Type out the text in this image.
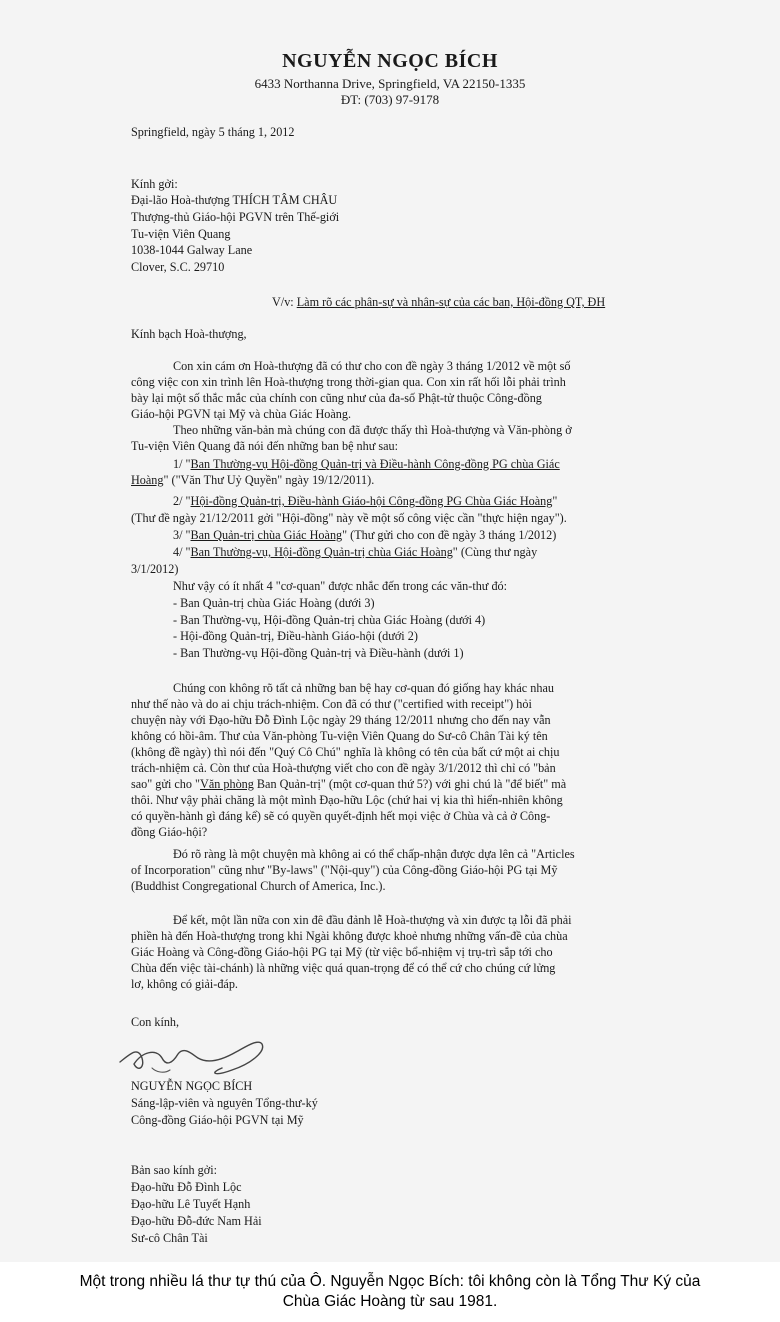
NGUYỄN NGỌC BÍCH
6433 Northanna Drive, Springfield, VA 22150-1335
ĐT: (703) 97-9178
Springfield, ngày 5 tháng 1, 2012
Kính gởi:
Đại-lão Hoà-thượng THÍCH TÂM CHÂU
Thượng-thủ Giáo-hội PGVN trên Thế-giới
Tu-viện Viên Quang
1038-1044 Galway Lane
Clover, S.C. 29710
V/v: Làm rõ các phân-sự và nhân-sự của các ban, Hội-đồng QT, ĐH
Kính bạch Hoà-thượng,
Con xin cám ơn Hoà-thượng đã có thư cho con đề ngày 3 tháng 1/2012 về một số
công việc con xin trình lên Hoà-thượng trong thời-gian qua. Con xin rất hối lỗi phải trình
bày lại một số thắc mắc của chính con cũng như của đa-số Phật-tử thuộc Công-đồng
Giáo-hội PGVN tại Mỹ và chùa Giác Hoàng.
Theo những văn-bản mà chúng con đã được thấy thì Hoà-thượng và Văn-phòng ở
Tu-viện Viên Quang đã nói đến những ban bệ như sau:
1/ "Ban Thường-vụ Hội-đồng Quản-trị và Điều-hành Công-đồng PG chùa Giác
Hoàng" ("Văn Thư Uỷ Quyền" ngày 19/12/2011).
2/ "Hội-đồng Quản-trị, Điều-hành Giáo-hội Công-đồng PG Chùa Giác Hoàng"
(Thư đề ngày 21/12/2011 gởi "Hội-đồng" này về một số công việc cần "thực hiện ngay").
3/ "Ban Quản-trị chùa Giác Hoàng" (Thư gửi cho con đề ngày 3 tháng 1/2012)
4/ "Ban Thường-vụ, Hội-đồng Quản-trị chùa Giác Hoàng" (Cùng thư ngày
3/1/2012)
Như vậy có ít nhất 4 "cơ-quan" được nhắc đến trong các văn-thư đó:
- Ban Quản-trị chùa Giác Hoàng (dưới 3)
- Ban Thường-vụ, Hội-đồng Quản-trị chùa Giác Hoàng (dưới 4)
- Hội-đồng Quản-trị, Điều-hành Giáo-hội (dưới 2)
- Ban Thường-vụ Hội-đồng Quản-trị và Điều-hành (dưới 1)
Chúng con không rõ tất cả những ban bệ hay cơ-quan đó giống hay khác nhau
như thế nào và do ai chịu trách-nhiệm. Con đã có thư ("certified with receipt") hỏi
chuyện này với Đạo-hữu Đỗ Đình Lộc ngày 29 tháng 12/2011 nhưng cho đến nay vẫn
không có hồi-âm. Thư của Văn-phòng Tu-viện Viên Quang do Sư-cô Chân Tài ký tên
(không đề ngày) thì nói đến "Quý Cô Chú" nghĩa là không có tên của bất cứ một ai chịu
trách-nhiệm cả. Còn thư của Hoà-thượng viết cho con đề ngày 3/1/2012 thì chỉ có "bản
sao" gửi cho "Văn phòng Ban Quản-trị" (một cơ-quan thứ 5?) với ghi chú là "để biết" mà
thôi. Như vậy phải chăng là một mình Đạo-hữu Lộc (chứ hai vị kia thì hiển-nhiên không
có quyền-hành gì đáng kể) sẽ có quyền quyết-định hết mọi việc ở Chùa và cả ở Công-
đồng Giáo-hội?
Đó rõ ràng là một chuyện mà không ai có thể chấp-nhận được dựa lên cả "Articles
of Incorporation" cũng như "By-laws" ("Nội-quy") của Công-đồng Giáo-hội PG tại Mỹ
(Buddhist Congregational Church of America, Inc.).
Để kết, một lần nữa con xin đê đầu đảnh lễ Hoà-thượng và xin được tạ lỗi đã phải
phiền hà đến Hoà-thượng trong khi Ngài không được khoẻ nhưng những vấn-đề của chùa
Giác Hoàng và Công-đồng Giáo-hội PG tại Mỹ (từ việc bổ-nhiệm vị trụ-trì sắp tới cho
Chùa đến việc tài-chánh) là những việc quá quan-trọng để có thể cứ cho chúng cứ lửng
lơ, không có giải-đáp.
Con kính,
NGUYỄN NGỌC BÍCH
Sáng-lập-viên và nguyên Tổng-thư-ký
Công-đồng Giáo-hội PGVN tại Mỹ
Bản sao kính gởi:
Đạo-hữu Đỗ Đình Lộc
Đạo-hữu Lê Tuyết Hạnh
Đạo-hữu Đỗ-đức Nam Hải
Sư-cô Chân Tài
Một trong nhiều lá thư tự thú của Ô. Nguyễn Ngọc Bích: tôi không còn là Tổng Thư Ký của
Chùa Giác Hoàng từ sau 1981.
